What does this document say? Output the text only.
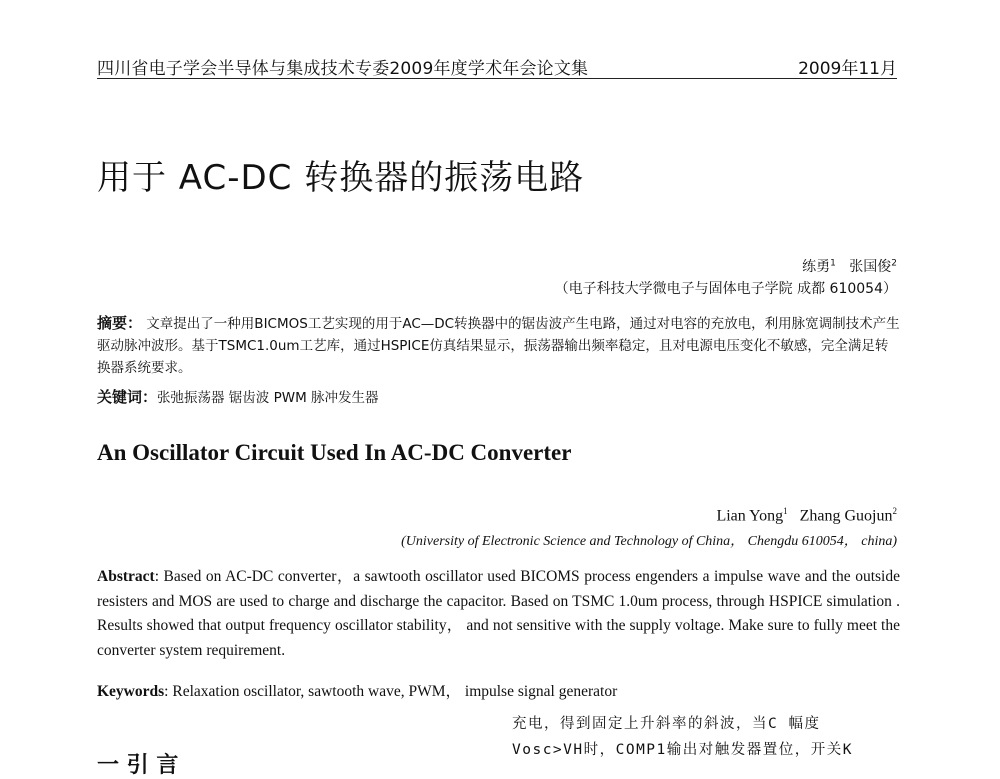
四川省电子学会半导体与集成技术专委2009年度学术年会论文集	2009年11月
用于 AC-DC 转换器的振荡电路
练勇$^1$ 张国俊$^2$
（电子科技大学微电子与固体电子学院 成都 610054）
摘要： 文章提出了一种用BICMOS工艺实现的用于AC—DC转换器中的锯齿波产生电路，通过对电容的充放电，利用脉宽调制技术产生驱动脉冲波形。基于TSMC1.0um工艺库，通过HSPICE仿真结果显示，振荡器输出频率稳定，且对电源电压变化不敏感，完全满足转换器系统要求。
关键词：张弛振荡器 锯齿波 PWM 脉冲发生器
An Oscillator Circuit Used In AC-DC Converter
Lian Yong$^1$ Zhang Guojun$^2$
(University of Electronic Science and Technology of China， Chengdu 610054， china)
Abstract: Based on AC-DC converter，a sawtooth oscillator used BICOMS process engenders a impulse wave and the outside resisters and MOS are used to charge and discharge the capacitor. Based on TSMC 1.0um process, through HSPICE simulation . Results showed that output frequency oscillator stability， and not sensitive with the supply voltage. Make sure to fully meet the converter system requirement.
Keywords: Relaxation oscillator, sawtooth wave, PWM， impulse signal generator
充电，得到固定上升斜率的斜波，当C 幅度
Vosc>VH时，COMP1输出对触发器置位，开关K
一 引 言
